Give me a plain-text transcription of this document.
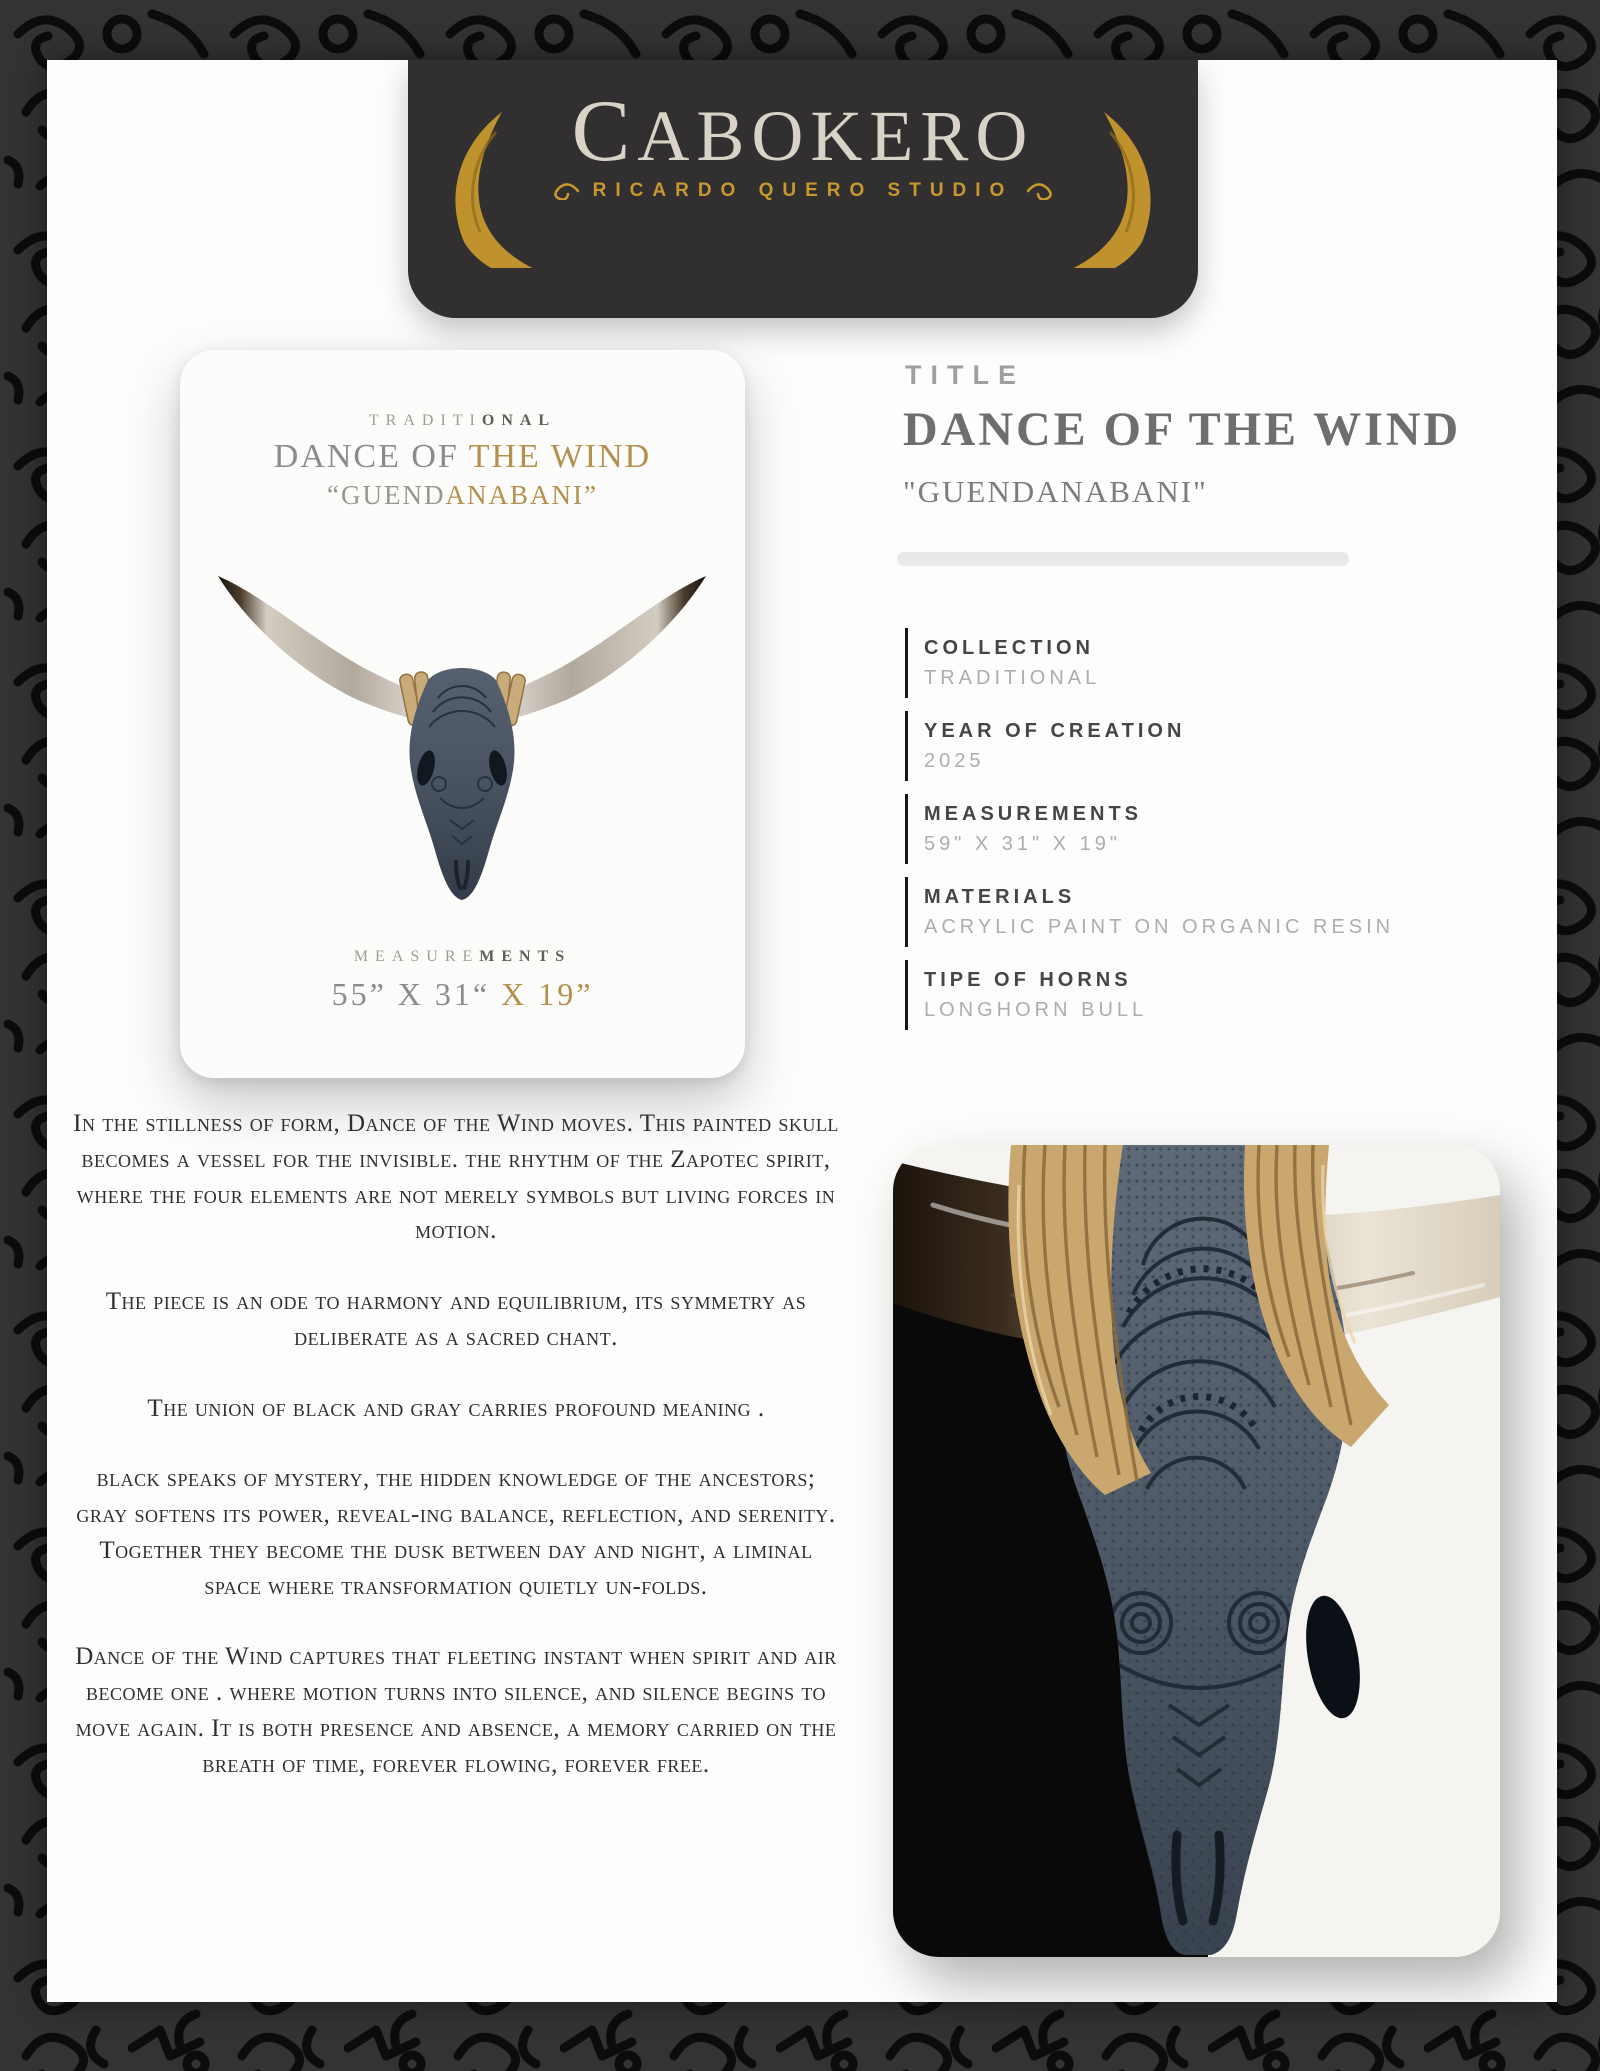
CABOKERO
RICARDO QUERO STUDIO
TRADITIONAL
DANCE OF THE WIND
“GUENDANABANI”
MEASUREMENTS
55” X 31“ X 19”
TITLE
DANCE OF THE WIND
"GUENDANABANI"
COLLECTION
TRADITIONAL
YEAR OF CREATION
2025
MEASUREMENTS
59" X 31" X 19"
MATERIALS
ACRYLIC PAINT ON ORGANIC RESIN
TIPE OF HORNS
LONGHORN BULL

In the stillness of form, Dance of the Wind moves. This painted skull becomes a vessel for the invisible. the rhythm of the Zapotec spirit, where the four elements are not merely symbols but living forces in motion.

The piece is an ode to harmony and equilibrium, its symmetry as deliberate as a sacred chant.

The union of black and gray carries profound meaning .

black speaks of mystery, the hidden knowledge of the ancestors; gray softens its power, reveal-ing balance, reflection, and serenity. Together they become the dusk between day and night, a liminal space where transformation quietly un-folds.

Dance of the Wind captures that fleeting instant when spirit and air become one . where motion turns into silence, and silence begins to move again. It is both presence and absence, a memory carried on the breath of time, forever flowing, forever free.
